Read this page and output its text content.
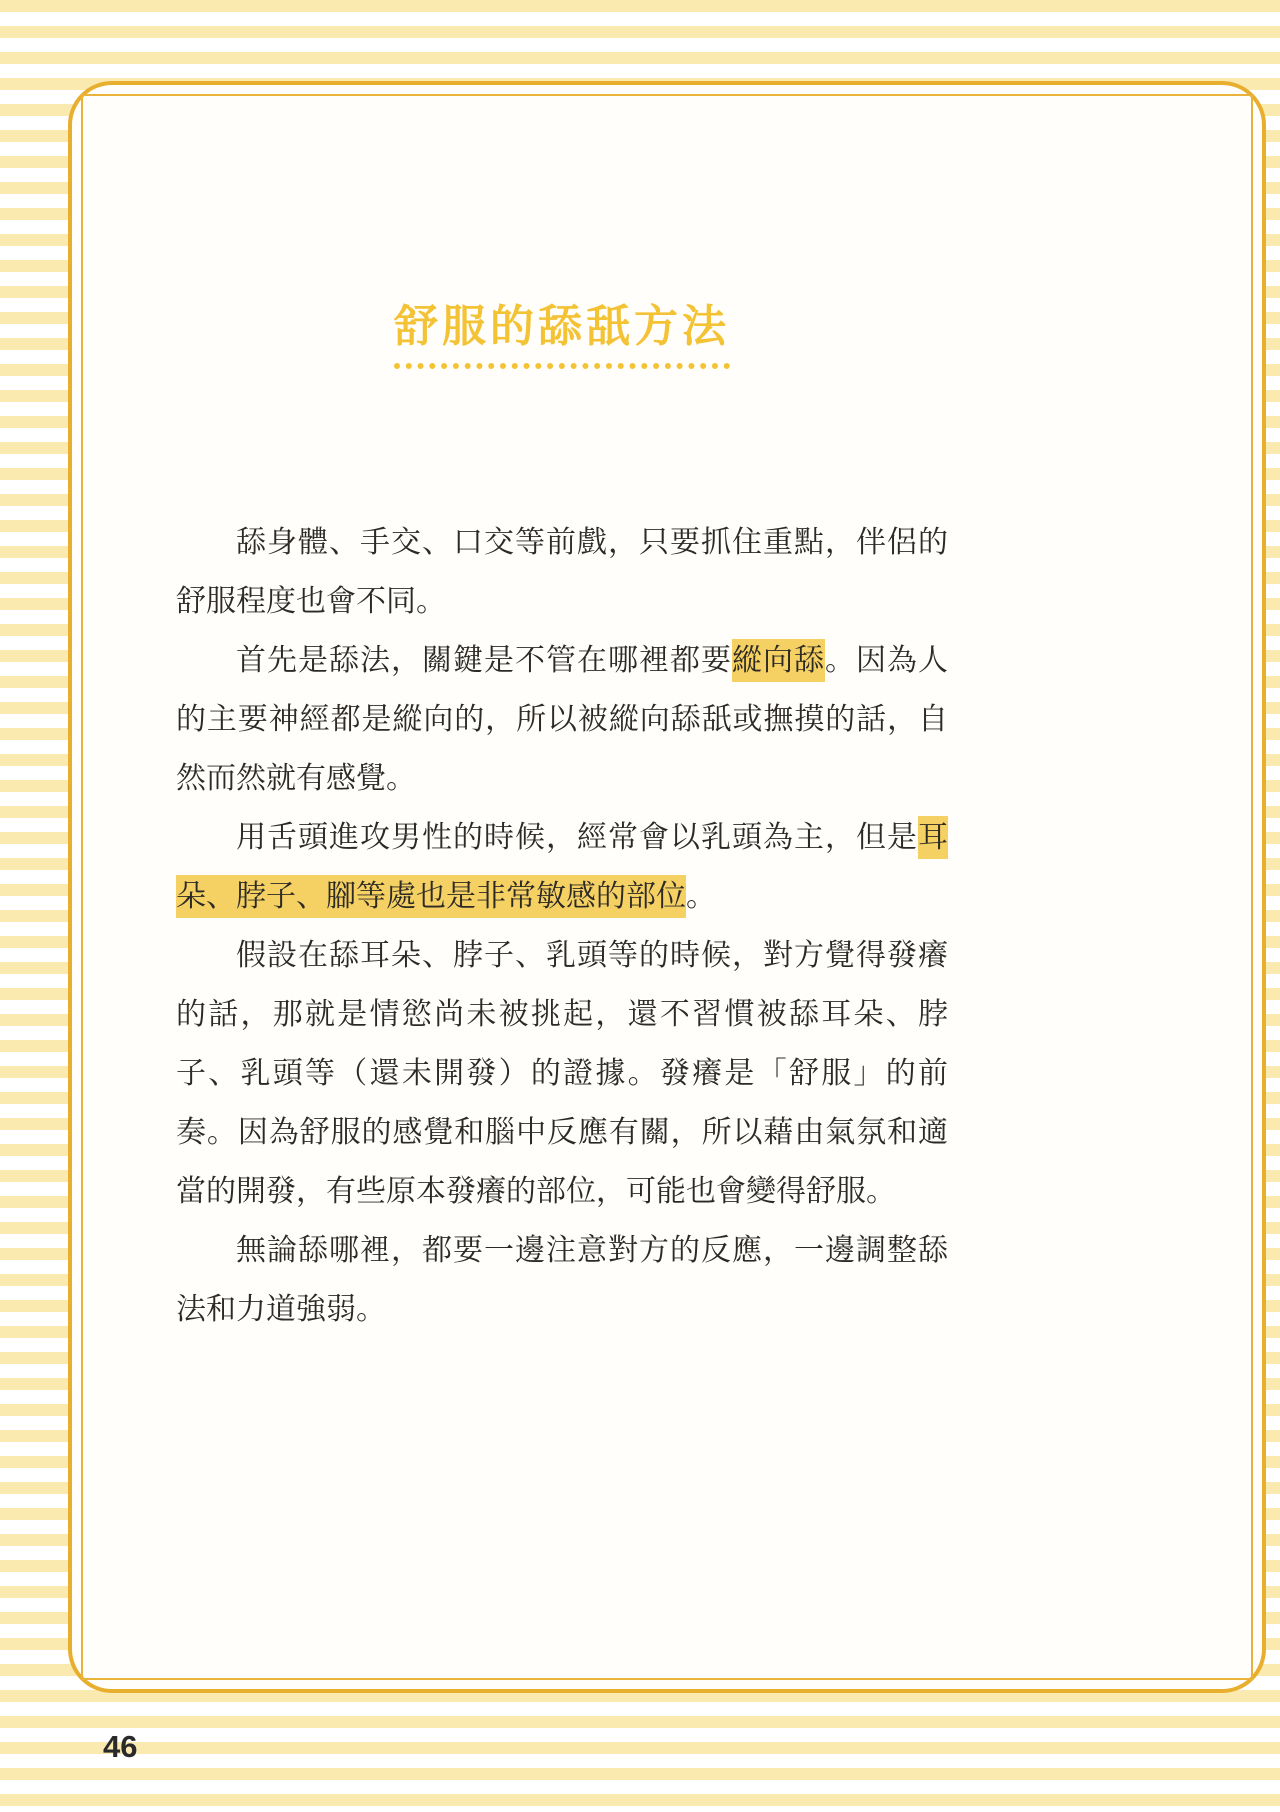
舒服的舔舐方法

舔身體、手交、口交等前戲，只要抓住重點，伴侶的舒服程度也會不同。

首先是舔法，關鍵是不管在哪裡都要縱向舔。因為人的主要神經都是縱向的，所以被縱向舔舐或撫摸的話，自然而然就有感覺。

用舌頭進攻男性的時候，經常會以乳頭為主，但是耳朵、脖子、腳等處也是非常敏感的部位。

假設在舔耳朵、脖子、乳頭等的時候，對方覺得發癢的話，那就是情慾尚未被挑起，還不習慣被舔耳朵、脖子、乳頭等（還未開發）的證據。發癢是「舒服」的前奏。因為舒服的感覺和腦中反應有關，所以藉由氣氛和適當的開發，有些原本發癢的部位，可能也會變得舒服。

無論舔哪裡，都要一邊注意對方的反應，一邊調整舔法和力道強弱。

46
